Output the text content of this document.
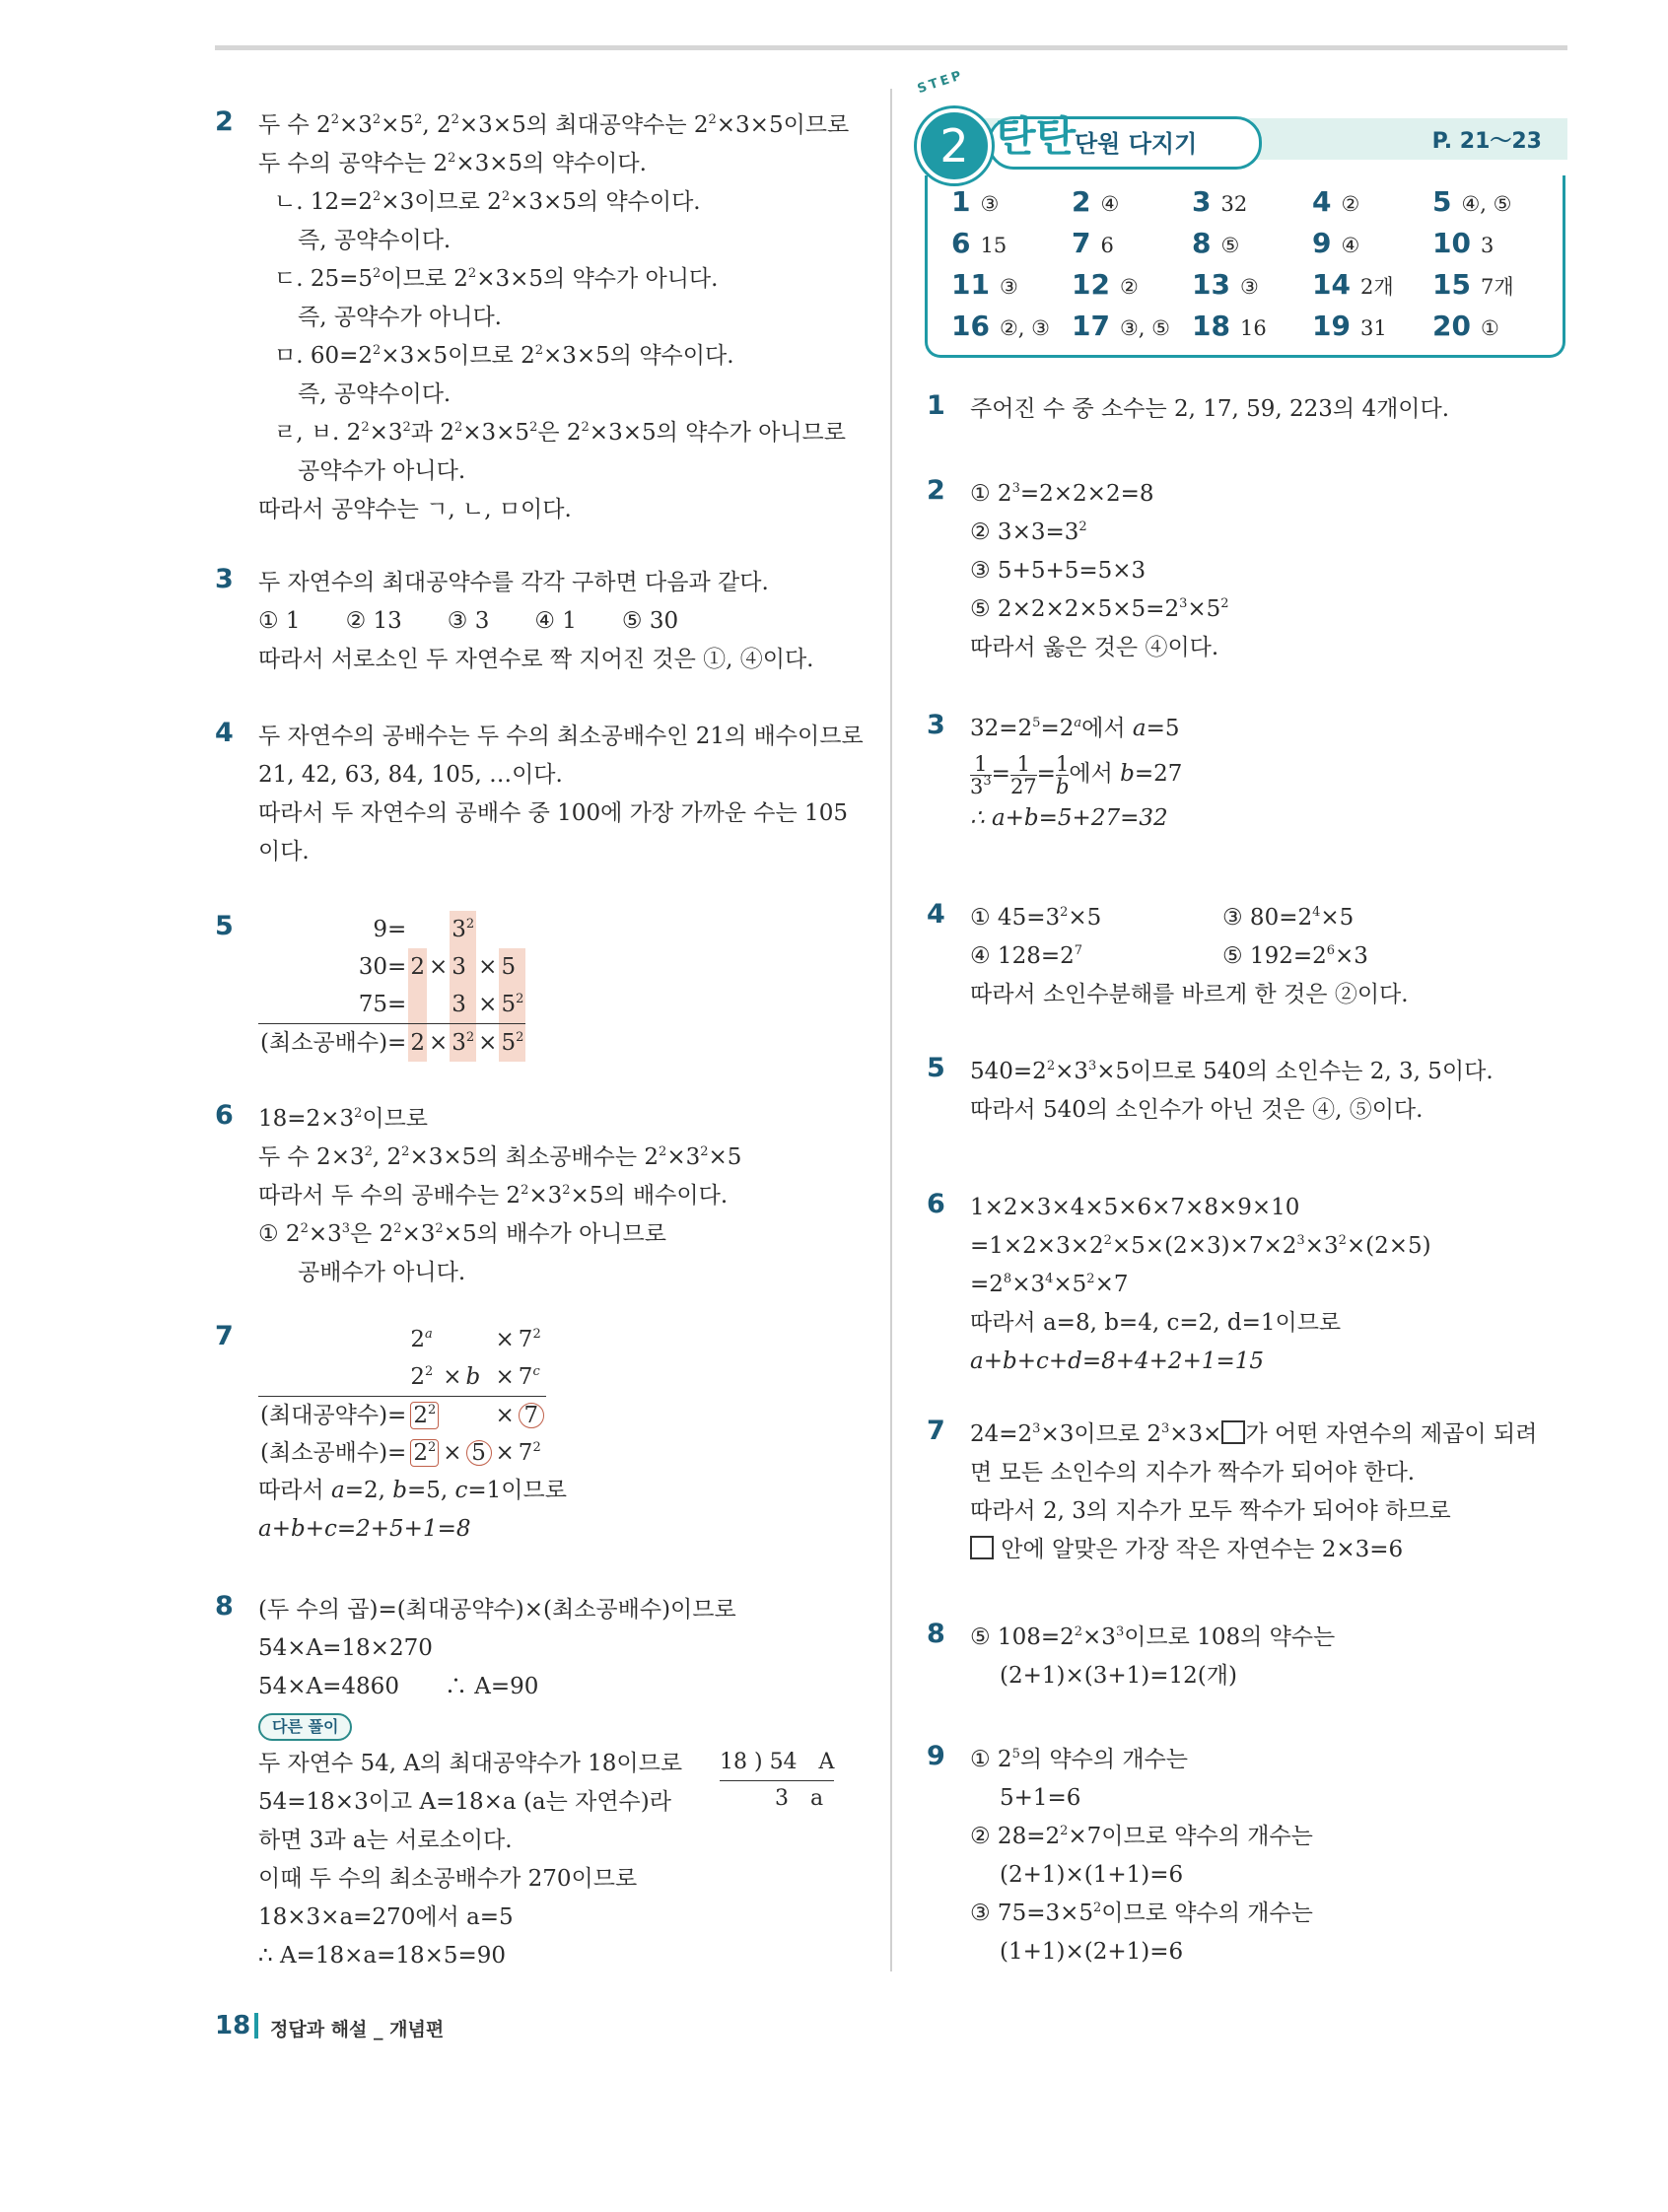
2 두 수 $2^2\times 3^2\times 5^2$, $2^2\times 3\times 5$의 최대공약수는 $2^2\times 3\times 5$이므로
두 수의 공약수는 $2^2\times 3\times 5$의 약수이다.
ㄴ. $12=2^2\times 3$이므로 $2^2\times 3\times 5$의 약수이다.
즉, 공약수이다.
ㄷ. $25=5^2$이므로 $2^2\times 3\times 5$의 약수가 아니다.
즉, 공약수가 아니다.
ㅁ. $60=2^2\times 3\times 5$이므로 $2^2\times 3\times 5$의 약수이다.
즉, 공약수이다.
ㄹ, ㅂ. $2^2\times 3^2$과 $2^2\times 3\times 5^2$은 $2^2\times 3\times 5$의 약수가 아니므로
공약수가 아니다.
따라서 공약수는 ㄱ, ㄴ, ㅁ이다.
3 두 자연수의 최대공약수를 각각 구하면 다음과 같다.
① 1　　② 13　　③ 3　　④ 1　　⑤ 30
따라서 서로소인 두 자연수로 짝 지어진 것은 ①, ④이다.
4 두 자연수의 공배수는 두 수의 최소공배수인 21의 배수이므로
21, 42, 63, 84, 105, …이다.
따라서 두 자연수의 공배수 중 100에 가장 가까운 수는 105
이다.
5	9=			$3^2$		
30=	2	×	3	×	5
75=			3	×	$5^2$
(최소공배수)=	2	×	$3^2$	×	$5^2$
6 $18=2\times 3^2$이므로
두 수 $2\times 3^2$, $2^2\times 3\times 5$의 최소공배수는 $2^2\times 3^2\times 5$
따라서 두 수의 공배수는 $2^2\times 3^2\times 5$의 배수이다.
① $2^2\times 3^3$은 $2^2\times 3^2\times 5$의 배수가 아니므로
공배수가 아니다.
7
		2$^a$			×	$7^2$
	$2^2$	×	b	×	$7^c$
(최대공약수)=	$2^2$			×	7
(최소공배수)=	$2^2$	×	5	×	$7^2$
따라서 a=2, b=5, c=1이므로
a+b+c=2+5+1=8
8 (두 수의 곱)=(최대공약수)×(최소공배수)이므로
54×A=18×270
54×A=4860　　∴ A=90
다른 풀이
두 자연수 54, A의 최대공약수가 18이므로
54=18×3이고 A=18×a (a는 자연수)라
하면 3과 a는 서로소이다.
이때 두 수의 최소공배수가 270이므로
18×3×a=270에서 a=5
∴ A=18×a=18×5=90
18 ) 54　A
3　a
STEP
2 탄탄
단원 다지기	P. 21～23
1 ③	2 ④	3 32 4 ②	5 ④, ⑤
6 15 7 6	8 ⑤	9 ④	10 3
11 ③ 12 ② 13 ③ 14 2개 15 7개
16 ②, ③ 17 ③, ⑤ 18 16 19 31 20 ①
1 주어진 수 중 소수는 2, 17, 59, 223의 4개이다.
2 ① $2^3=2\times 2\times 2=8$
② $3\times 3=3^2$
③ 5+5+5=5×3
⑤ $2\times 2\times 2\times 5\times 5=2^3\times 5^2$
따라서 옳은 것은 ④이다.
3 $32=2^5=2^a$에서 a=5
$\frac{1}{3^3} = \frac{1}{27} = \frac{1}{b}$ 에서 b=27
∴ a+b=5+27=32
4 ① $45=3^2\times 5$	③ $80=2^4\times 5$
④ $128=2^7$	⑤ $192=2^6\times 3$
따라서 소인수분해를 바르게 한 것은 ②이다.
5 $540=2^2\times 3^3\times 5$이므로 540의 소인수는 2, 3, 5이다.
따라서 540의 소인수가 아닌 것은 ④, ⑤이다.
6 1×2×3×4×5×6×7×8×9×10
$=1\times 2\times 3\times 2^2\times 5\times(2\times 3)\times 7\times 2^3\times 3^2\times(2\times 5)$
$=2^8\times 3^4\times 5^2\times 7$
따라서 a=8, b=4, c=2, d=1이므로
a+b+c+d=8+4+2+1=15
7 $24=2^3\times 3$이므로 $2^3\times 3\times$ 가 어떤 자연수의 제곱이 되려
면 모든 소인수의 지수가 짝수가 되어야 한다.
따라서 2, 3의 지수가 모두 짝수가 되어야 하므로
안에 알맞은 가장 작은 자연수는 2×3=6
8 ⑤ $108=2^2\times 3^3$이므로 108의 약수는
(2+1)×(3+1)=12(개)
9 ① $2^5$의 약수의 개수는
5+1=6
② $28=2^2\times 7$이므로 약수의 개수는
(2+1)×(1+1)=6
③ $75=3\times 5^2$이므로 약수의 개수는
(1+1)×(2+1)=6
18 정답과 해설 _ 개념편
